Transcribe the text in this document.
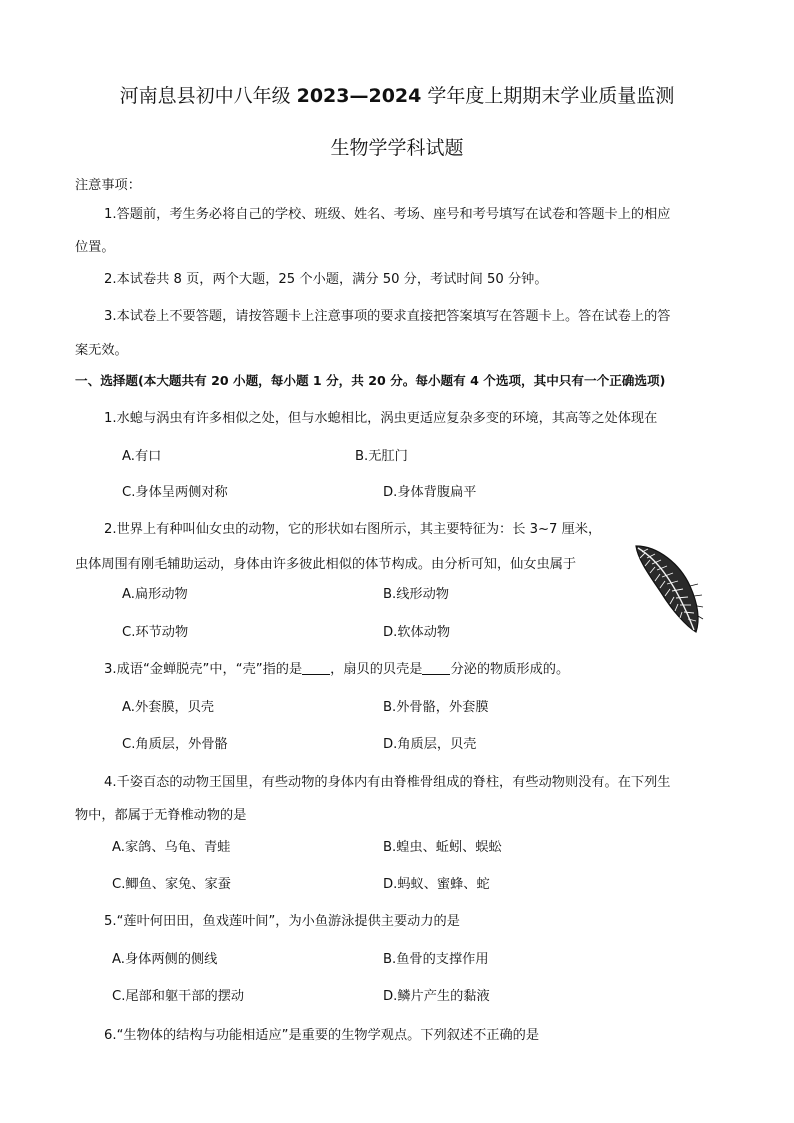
河南息县初中八年级 2023—2024 学年度上期期末学业质量监测
生物学学科试题
注意事项：
1.答题前，考生务必将自己的学校、班级、姓名、考场、座号和考号填写在试卷和答题卡上的相应
位置。
2.本试卷共 8 页，两个大题，25 个小题，满分 50 分，考试时间 50 分钟。
3.本试卷上不要答题，请按答题卡上注意事项的要求直接把答案填写在答题卡上。答在试卷上的答
案无效。
一、选择题(本大题共有 20 小题，每小题 1 分，共 20 分。每小题有 4 个选项，其中只有一个正确选项)
1.水螅与涡虫有许多相似之处，但与水螅相比，涡虫更适应复杂多变的环境，其高等之处体现在
A.有口	B.无肛门
C.身体呈两侧对称	D.身体背腹扁平
2.世界上有种叫仙女虫的动物，它的形状如右图所示，其主要特征为：长 3~7 厘米，
虫体周围有刚毛辅助运动，身体由许多彼此相似的体节构成。由分析可知，仙女虫属于
A.扁形动物	B.线形动物
C.环节动物	D.软体动物
3.成语“金蝉脱壳”中，“壳”指的是 ，扇贝的贝壳是 分泌的物质形成的。
A.外套膜，贝壳	B.外骨骼，外套膜
C.角质层，外骨骼	D.角质层，贝壳
4.千姿百态的动物王国里，有些动物的身体内有由脊椎骨组成的脊柱，有些动物则没有。在下列生
物中，都属于无脊椎动物的是
A.家鸽、乌龟、青蛙	B.蝗虫、蚯蚓、蜈蚣
C.鲫鱼、家兔、家蚕	D.蚂蚁、蜜蜂、蛇
5.“莲叶何田田，鱼戏莲叶间”，为小鱼游泳提供主要动力的是
A.身体两侧的侧线	B.鱼骨的支撑作用
C.尾部和躯干部的摆动	D.鳞片产生的黏液
6.“生物体的结构与功能相适应”是重要的生物学观点。下列叙述不正确的是
